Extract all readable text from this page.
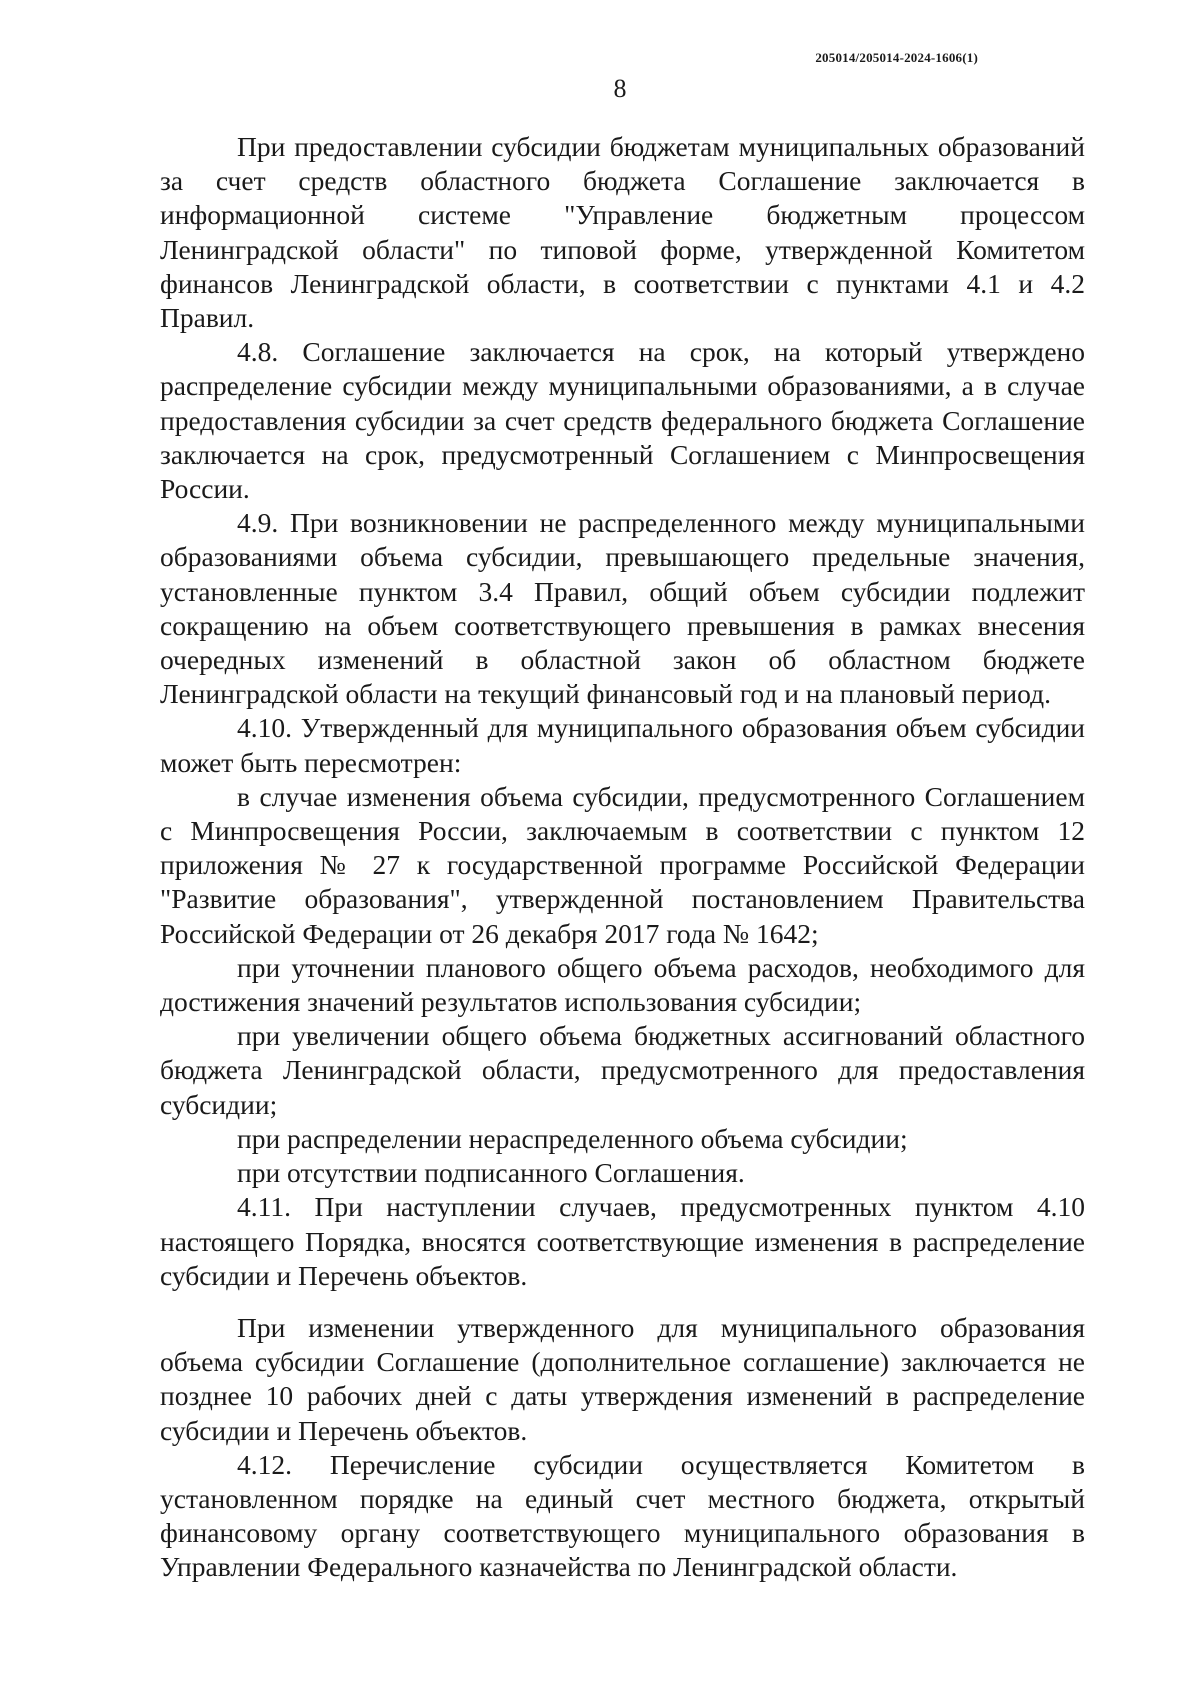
205014/205014-2024-1606(1)
8

При предоставлении субсидии бюджетам муниципальных образований за счет средств областного бюджета Соглашение заключается в информационной системе "Управление бюджетным процессом Ленинградской области" по типовой форме, утвержденной Комитетом финансов Ленинградской области, в соответствии с пунктами 4.1 и 4.2 Правил.

4.8. Соглашение заключается на срок, на который утверждено распределение субсидии между муниципальными образованиями, а в случае предоставления субсидии за счет средств федерального бюджета Соглашение заключается на срок, предусмотренный Соглашением с Минпросвещения России.

4.9. При возникновении не распределенного между муниципальными образованиями объема субсидии, превышающего предельные значения, установленные пунктом 3.4 Правил, общий объем субсидии подлежит сокращению на объем соответствующего превышения в рамках внесения очередных изменений в областной закон об областном бюджете Ленинградской области на текущий финансовый год и на плановый период.

4.10. Утвержденный для муниципального образования объем субсидии может быть пересмотрен:

в случае изменения объема субсидии, предусмотренного Соглашением с Минпросвещения России, заключаемым в соответствии с пунктом 12 приложения № 27 к государственной программе Российской Федерации "Развитие образования", утвержденной постановлением Правительства Российской Федерации от 26 декабря 2017 года № 1642;

при уточнении планового общего объема расходов, необходимого для достижения значений результатов использования субсидии;

при увеличении общего объема бюджетных ассигнований областного бюджета Ленинградской области, предусмотренного для предоставления субсидии;

при распределении нераспределенного объема субсидии;

при отсутствии подписанного Соглашения.

4.11. При наступлении случаев, предусмотренных пунктом 4.10 настоящего Порядка, вносятся соответствующие изменения в распределение субсидии и Перечень объектов.

При изменении утвержденного для муниципального образования объема субсидии Соглашение (дополнительное соглашение) заключается не позднее 10 рабочих дней с даты утверждения изменений в распределение субсидии и Перечень объектов.

4.12. Перечисление субсидии осуществляется Комитетом в установленном порядке на единый счет местного бюджета, открытый финансовому органу соответствующего муниципального образования в Управлении Федерального казначейства по Ленинградской области.
